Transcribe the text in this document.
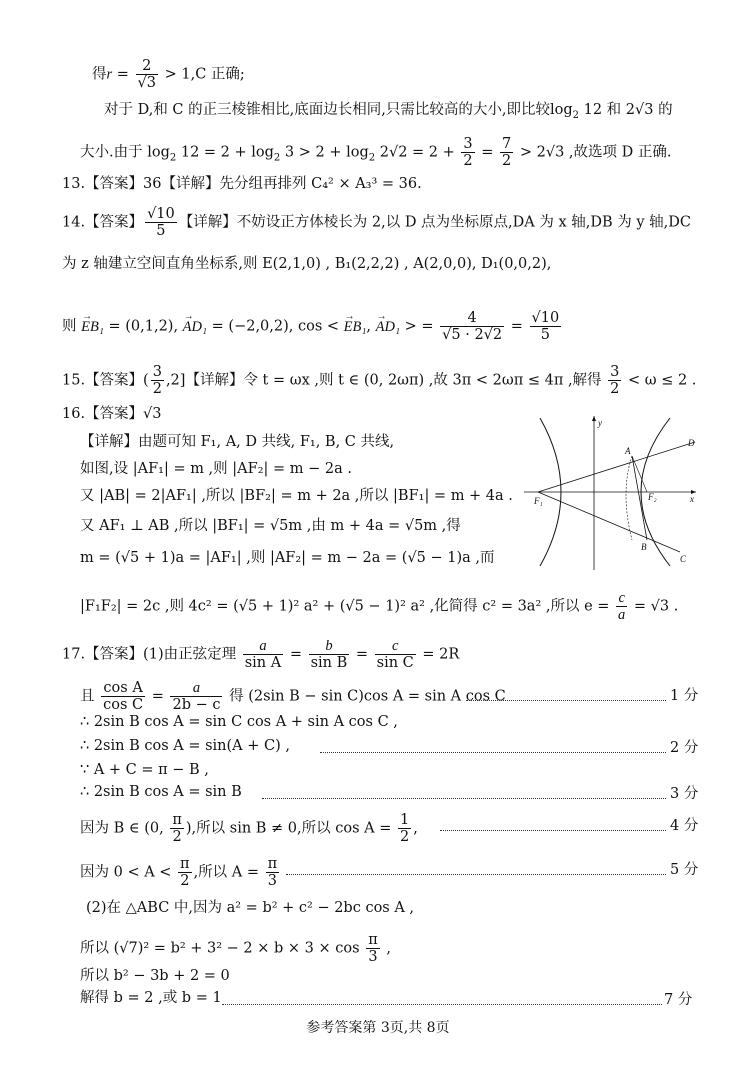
得$r = \frac{2}{√3} > 1,C$ 正确;
对于 D,和 C 的正三棱锥相比,底面边长相同,只需比较高的大小,即比较$\log_2 12$ 和 2√3 的
大小.由于 $\log_2 12 = 2 + \log_2 3 > 2 + \log_2 2√2 = 2 + \frac{3}{2} = \frac{7}{2} > 2√3$ ,故选项 D 正确.
13.【答案】36【详解】先分组再排列 C₄² × A₃³ = 36.
14.【答案】 $\frac{√10}{5}$ 【详解】不妨设正方体棱长为 2,以 D 点为坐标原点,DA 为 x 轴,DB 为 y 轴,DC
为 z 轴建立空间直角坐标系,则 E(2,1,0) , B₁(2,2,2) , A(2,0,0), D₁(0,0,2),
则 → EB₁ = (0,1,2), → AD₁ = (−2,0,2), cos < → EB₁, → AD₁ > = $\frac{4}{√5 \cdot 2√2} = \frac{√10}{5}$
15.【答案】( $\frac{3}{2} ,2$]【详解】令 t = ωx ,则 t ∈ (0, 2ωπ) ,故 3π < 2ωπ ≤ 4π ,解得 $\frac{3}{2} < \omega \le 2$ .
16.【答案】√3
【详解】由题可知 F₁, A, D 共线, F₁, B, C 共线,
如图,设 |AF₁| = m ,则 |AF₂| = m − 2a .
又 |AB| = 2|AF₁| ,所以 |BF₂| = m + 2a ,所以 |BF₁| = m + 4a .
又 AF₁ ⊥ AB ,所以 |BF₁| = √5m ,由 m + 4a = √5m ,得
m = (√5 + 1)a = |AF₁| ,则 |AF₂| = m − 2a = (√5 − 1)a ,而
|F₁F₂| = 2c ,则 4c² = (√5 + 1)² a² + (√5 − 1)² a² ,化简得 c² = 3a² ,所以 $e = \frac{c}{a} = √3$ .
y
x
A
B
C
D
F₁	F₂
17.【答案】(1)由正弦定理 $\frac{a}{\text{sin A}} = \frac{b}{\text{sin B}} = \frac{c}{\text{sin C}} = 2R$
且 $\frac{\text{cos A}}{\text{cos C}} = \frac{a}{2b - c}$ 得 (2sin B − sin C)cos A = sin A cos C	1 分
∴ 2sin B cos A = sin C cos A + sin A cos C ,
∴ 2sin B cos A = sin(A + C) ,	2 分
∵ A + C = π − B ,
∴ 2sin B cos A = sin B	3 分
因为 B ∈ (0, $\frac{\pi}{2}$ ),所以 sin B ≠ 0,所以 $\cos A = \frac{1}{2}$ ,	4 分
因为 $0 < A < \frac{\pi}{2}$ ,所以 $A = \frac{\pi}{3}$	5 分
(2)在 △ABC 中,因为 a² = b² + c² − 2bc cos A ,
所以 $(√7)^2 = b^2 + 3^2 - 2 \times b \times 3 \times \cos \frac{\pi}{3}$ ,
所以 b² − 3b + 2 = 0
解得 b = 2 ,或 b = 1	7 分
参考答案第 3页,共 8页
